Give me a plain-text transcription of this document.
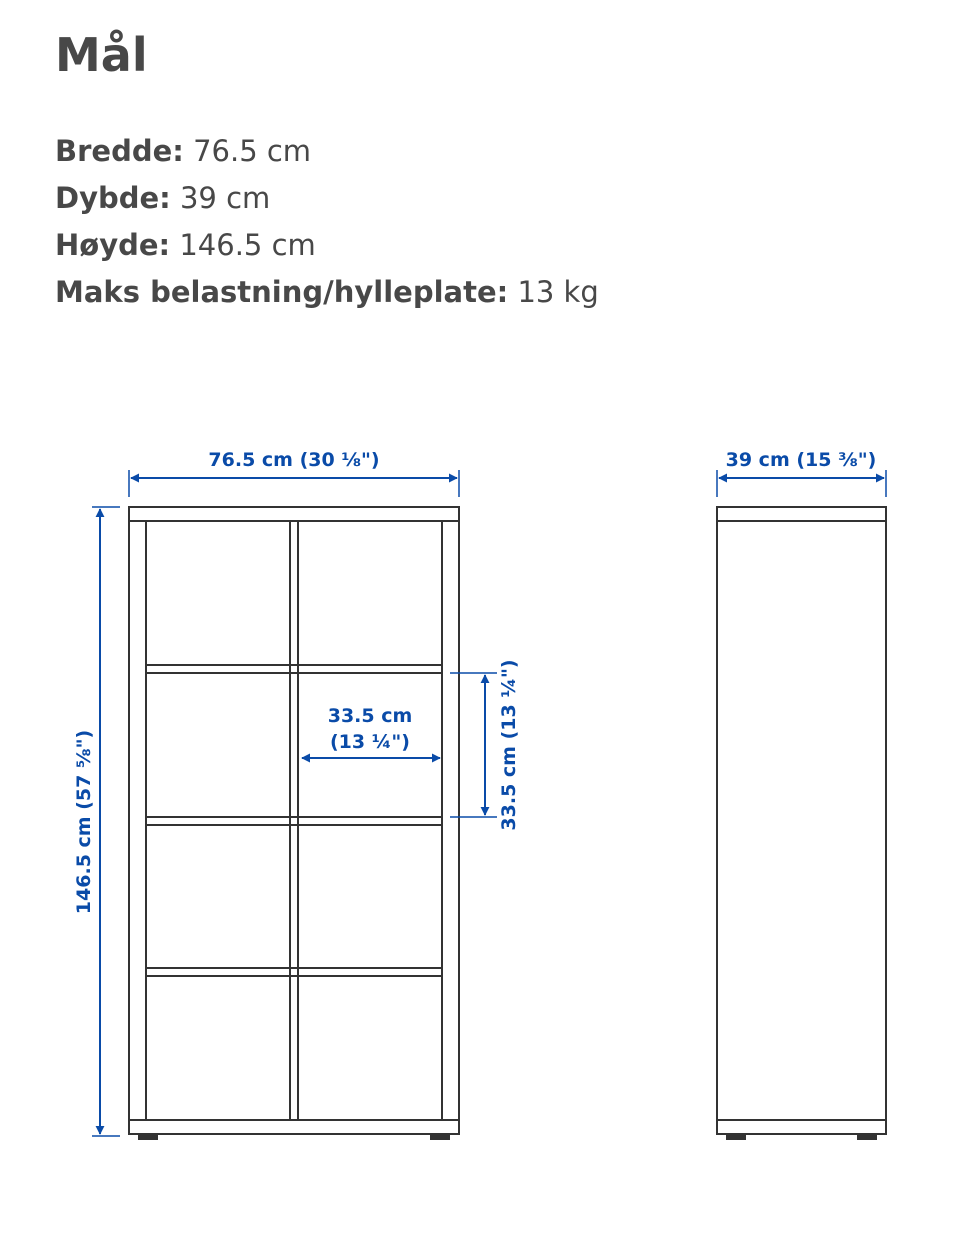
Mål
Bredde: 76.5 cm
Dybde: 39 cm
Høyde: 146.5 cm
Maks belastning/hylleplate: 13 kg
76.5 cm (30 ⅛")
146.5 cm (57 ⅝")
33.5 cm
(13 ¼")	33.5 cm (13 ¼")
39 cm (15 ⅜")
